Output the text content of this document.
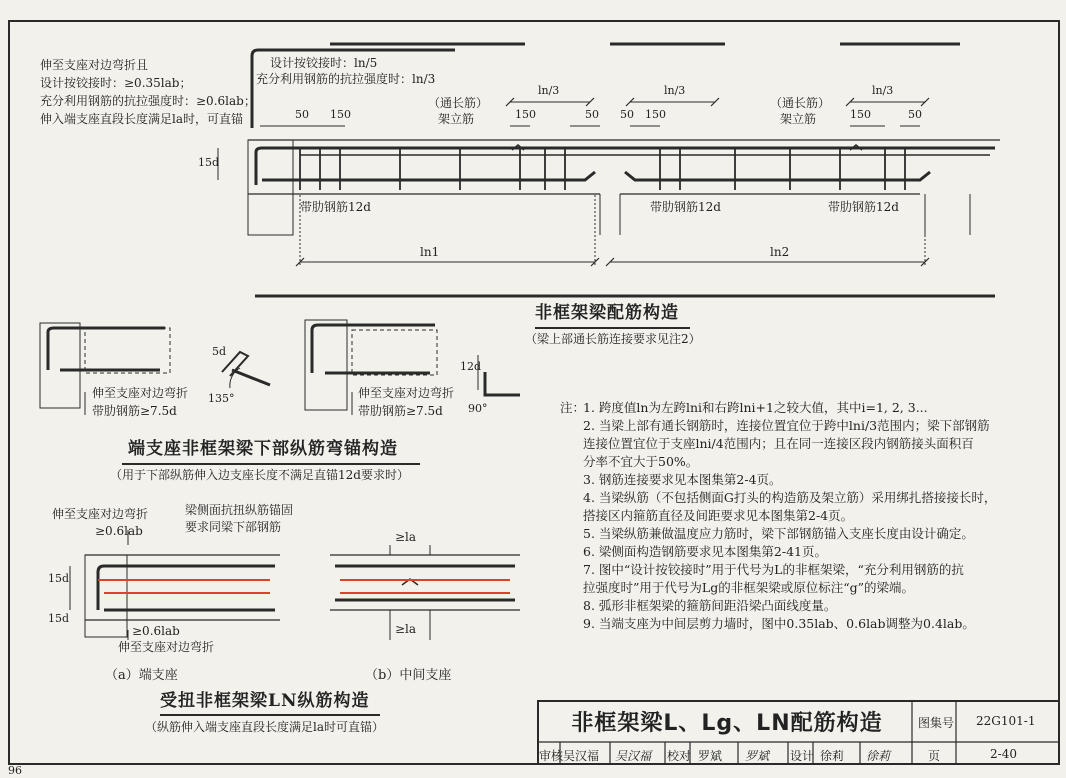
设计按铰接时：ln/5
充分利用钢筋的抗拉强度时：ln/3
伸至支座对边弯折且
设计按铰接时：≥0.35lab；
充分利用钢筋的抗拉强度时：≥0.6lab；
伸入端支座直段长度满足la时，可直锚	50 150
ln/3	ln/3	ln/3
150	50 50 150	150	50
15d
（通长筋）
架立筋
（通长筋）
架立筋
带肋钢筋12d	带肋钢筋12d	带肋钢筋12d
ln1	ln2
非框架梁配筋构造
（梁上部通长筋连接要求见注2）
伸至支座对边弯折
带肋钢筋≥7.5d
5d
135°	伸至支座对边弯折
带肋钢筋≥7.5d
12d
90°
端支座非框架梁下部纵筋弯锚构造
（用于下部纵筋伸入边支座长度不满足直锚12d要求时）
伸至支座对边弯折
≥0.6lab
梁侧面抗扭纵筋锚固
要求同梁下部钢筋
15d
15d
≥0.6lab
伸至支座对边弯折
≥la
≥la
（a）端支座	（b）中间支座
受扭非框架梁LN纵筋构造
（纵筋伸入端支座直段长度满足la时可直锚）
注：
1. 跨度值ln为左跨lni和右跨lni+1之较大值，其中i=1, 2, 3...
2. 当梁上部有通长钢筋时，连接位置宜位于跨中lni/3范围内；梁下部钢筋
连接位置宜位于支座lni/4范围内；且在同一连接区段内钢筋接头面积百
分率不宜大于50%。
3. 钢筋连接要求见本图集第2-4页。
4. 当梁纵筋（不包括侧面G打头的构造筋及架立筋）采用绑扎搭接接长时，
搭接区内箍筋直径及间距要求见本图集第2-4页。
5. 当梁纵筋兼做温度应力筋时，梁下部钢筋锚入支座长度由设计确定。
6. 梁侧面构造钢筋要求见本图集第2-41页。
7. 图中“设计按铰接时”用于代号为L的非框架梁，“充分利用钢筋的抗
拉强度时”用于代号为Lg的非框架梁或原位标注“g”的梁端。
8. 弧形非框架梁的箍筋间距沿梁凸面线度量。
9. 当端支座为中间层剪力墙时，图中0.35lab、0.6lab调整为0.4lab。
非框架梁L、Lg、LN配筋构造	图集号 22G101-1
审核 吴汉福 吴汉福 校对 罗斌 罗斌 设计 徐莉 徐莉	页	2-40
96
